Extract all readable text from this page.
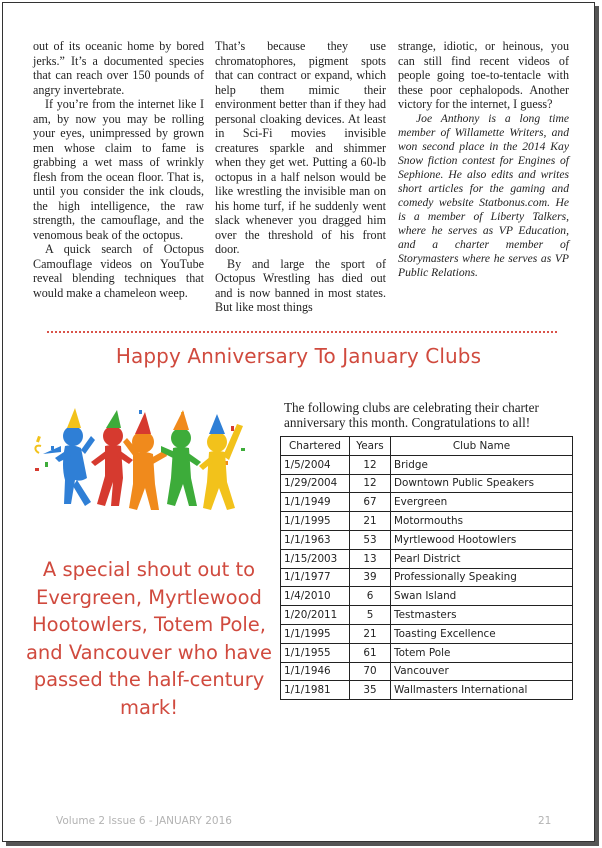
out of its oceanic home by bored jerks.” It’s a documented species that can reach over 150 pounds of angry invertebrate.

If you’re from the internet like I am, by now you may be rolling your eyes, unimpressed by grown men whose claim to fame is grabbing a wet mass of wrinkly flesh from the ocean floor. That is, until you consider the ink clouds, the high intelligence, the raw strength, the camouflage, and the venomous beak of the octopus.

A quick search of Octopus Camouflage videos on YouTube reveal blending techniques that would make a chameleon weep.

That’s because they use chromatophores, pigment spots that can contract or expand, which help them mimic their environment better than if they had personal cloaking devices. At least in Sci-Fi movies invisible creatures sparkle and shimmer when they get wet. Putting a 60-lb octopus in a half nelson would be like wrestling the invisible man on his home turf, if he suddenly went slack whenever you dragged him over the threshold of his front door.

By and large the sport of Octopus Wrestling has died out and is now banned in most states. But like most things

strange, idiotic, or heinous, you can still find recent videos of people going toe-to-tentacle with these poor cephalopods. Another victory for the internet, I guess?

Joe Anthony is a long time member of Willamette Writers, and won second place in the 2014 Kay Snow fiction contest for Engines of Sephione. He also edits and writes short articles for the gaming and comedy website Statbonus.com. He is a member of Liberty Talkers, where he serves as VP Education, and a charter member of Storymasters where he serves as VP Public Relations.

Happy Anniversary To January Clubs
A special shout out to Evergreen, Myrtlewood Hootowlers, Totem Pole, and Vancouver who have passed the half-century mark!
The following clubs are celebrating their charter anniversary this month. Congratulations to all!
Chartered	Years	Club Name
1/5/2004	12	Bridge
1/29/2004	12	Downtown Public Speakers
1/1/1949	67	Evergreen
1/1/1995	21	Motormouths
1/1/1963	53	Myrtlewood Hootowlers
1/15/2003	13	Pearl District
1/1/1977	39	Professionally Speaking
1/4/2010	6	Swan Island
1/20/2011	5	Testmasters
1/1/1995	21	Toasting Excellence
1/1/1955	61	Totem Pole
1/1/1946	70	Vancouver
1/1/1981	35	Wallmasters International
Volume 2 Issue 6 - JANUARY 2016	21
